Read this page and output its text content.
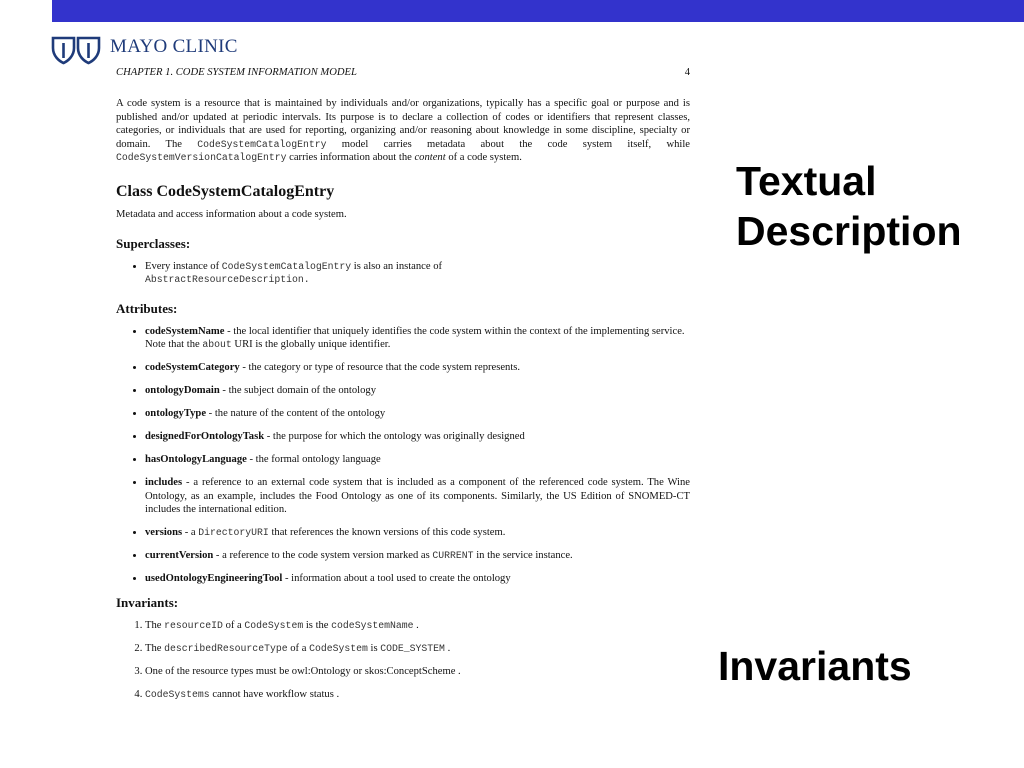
MAYO CLINIC
CHAPTER 1. CODE SYSTEM INFORMATION MODEL	4

A code system is a resource that is maintained by individuals and/or organizations, typically has a specific goal or purpose and is published and/or updated at periodic intervals. Its purpose is to declare a collection of codes or identifiers that represent classes, categories, or individuals that are used for reporting, organizing and/or reasoning about knowledge in some discipline, specialty or domain. The CodeSystemCatalogEntry model carries metadata about the code system itself, while CodeSystemVersionCatalogEntry carries information about the content of a code system.

Class CodeSystemCatalogEntry

Metadata and access information about a code system.

Superclasses:
• Every instance of CodeSystemCatalogEntry is also an instance of
AbstractResourceDescription.
Attributes:
• codeSystemName - the local identifier that uniquely identifies the code system within the context of the implementing service. Note that the about URI is the globally unique identifier.
• codeSystemCategory - the category or type of resource that the code system represents.
• ontologyDomain - the subject domain of the ontology
• ontologyType - the nature of the content of the ontology
• designedForOntologyTask - the purpose for which the ontology was originally designed
• hasOntologyLanguage - the formal ontology language
• includes - a reference to an external code system that is included as a component of the referenced code system. The Wine Ontology, as an example, includes the Food Ontology as one of its components. Similarly, the US Edition of SNOMED-CT includes the international edition.
• versions - a DirectoryURI that references the known versions of this code system.
• currentVersion - a reference to the code system version marked as CURRENT in the service instance.
• usedOntologyEngineeringTool - information about a tool used to create the ontology
Invariants:
1. The resourceID of a CodeSystem is the codeSystemName .
2. The describedResourceType of a CodeSystem is CODE_SYSTEM .
3. One of the resource types must be owl:Ontology or skos:ConceptScheme .
4. CodeSystems cannot have workflow status .
Textual
Description
Invariants
